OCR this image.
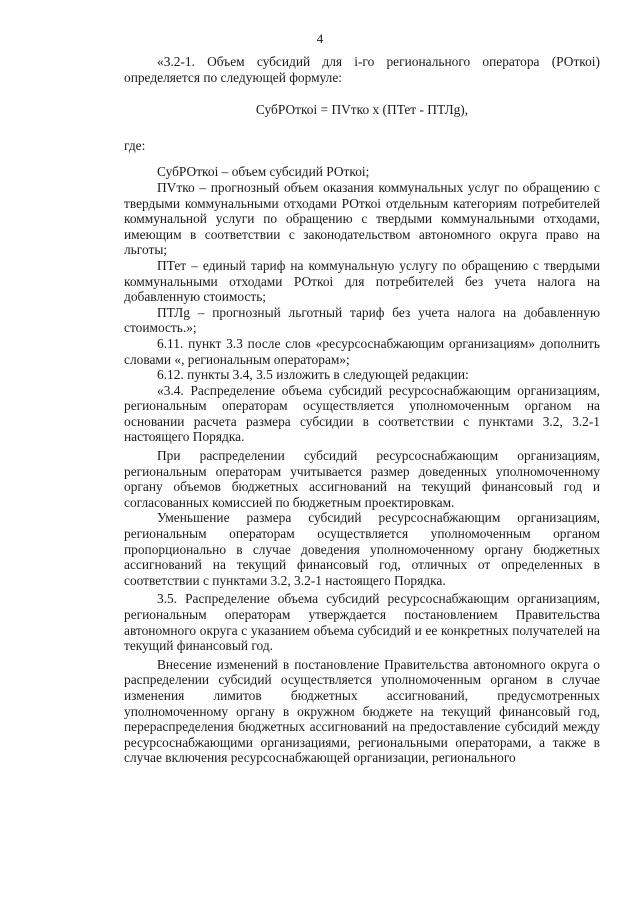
4

«3.2-1. Объем субсидий для i-го регионального оператора (РОткоi) определяется по следующей формуле:

СубРОткоi = ПVтко x (ПТет - ПТЛg),

где:

СубРОткоi – объем субсидий РОткоi;

ПVтко – прогнозный объем оказания коммунальных услуг по обращению с твердыми коммунальными отходами РОткоi отдельным категориям потребителей коммунальной услуги по обращению с твердыми коммунальными отходами, имеющим в соответствии с законодательством автономного округа право на льготы;

ПТет – единый тариф на коммунальную услугу по обращению с твердыми коммунальными отходами РОткоi для потребителей без учета налога на добавленную стоимость;

ПТЛg – прогнозный льготный тариф без учета налога на добавленную стоимость.»;

6.11. пункт 3.3 после слов «ресурсоснабжающим организациям» дополнить словами «, региональным операторам»;

6.12. пункты 3.4, 3.5 изложить в следующей редакции:

«3.4. Распределение объема субсидий ресурсоснабжающим организациям, региональным операторам осуществляется уполномоченным органом на основании расчета размера субсидии в соответствии с пунктами 3.2, 3.2-1 настоящего Порядка.

При распределении субсидий ресурсоснабжающим организациям, региональным операторам учитывается размер доведенных уполномоченному органу объемов бюджетных ассигнований на текущий финансовый год и согласованных комиссией по бюджетным проектировкам.

Уменьшение размера субсидий ресурсоснабжающим организациям, региональным операторам осуществляется уполномоченным органом пропорционально в случае доведения уполномоченному органу бюджетных ассигнований на текущий финансовый год, отличных от определенных в соответствии с пунктами 3.2, 3.2-1 настоящего Порядка.

3.5. Распределение объема субсидий ресурсоснабжающим организациям, региональным операторам утверждается постановлением Правительства автономного округа с указанием объема субсидий и ее конкретных получателей на текущий финансовый год.

Внесение изменений в постановление Правительства автономного округа о распределении субсидий осуществляется уполномоченным органом в случае изменения лимитов бюджетных ассигнований, предусмотренных уполномоченному органу в окружном бюджете на текущий финансовый год, перераспределения бюджетных ассигнований на предоставление субсидий между ресурсоснабжающими организациями, региональными операторами, а также в случае включения ресурсоснабжающей организации, регионального
